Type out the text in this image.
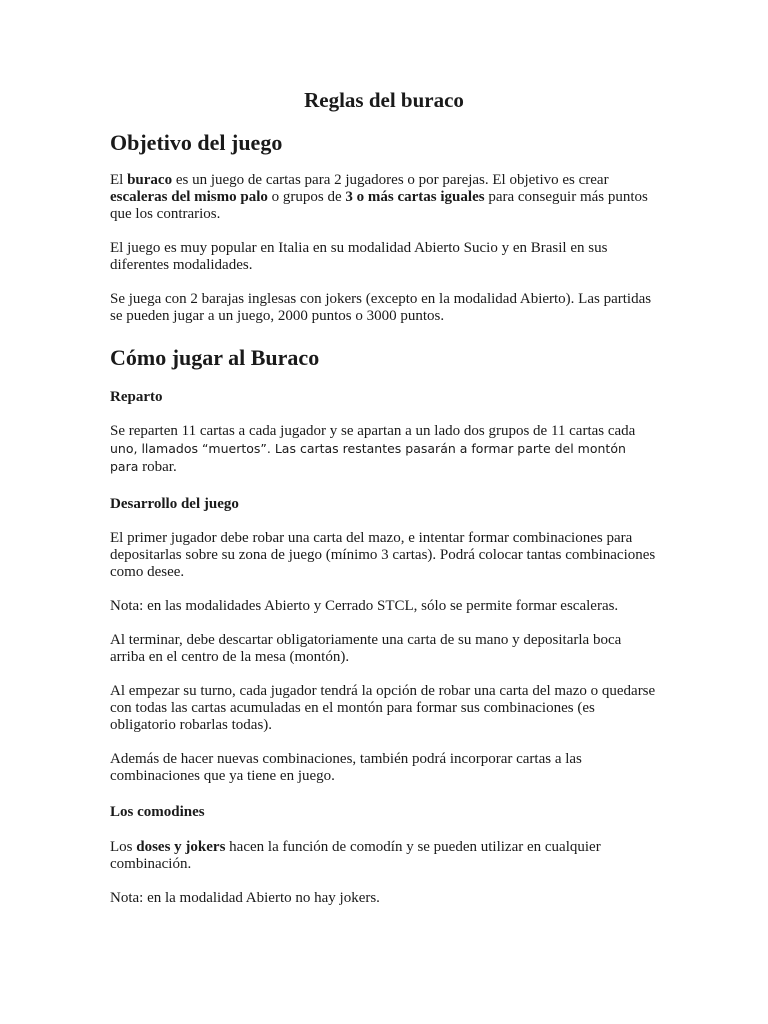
Reglas del buraco
Objetivo del juego

El buraco es un juego de cartas para 2 jugadores o por parejas. El objetivo es crear escaleras del mismo palo o grupos de 3 o más cartas iguales para conseguir más puntos que los contrarios.

El juego es muy popular en Italia en su modalidad Abierto Sucio y en Brasil en sus diferentes modalidades.

Se juega con 2 barajas inglesas con jokers (excepto en la modalidad Abierto). Las partidas se pueden jugar a un juego, 2000 puntos o 3000 puntos.

Cómo jugar al Buraco
Reparto

Se reparten 11 cartas a cada jugador y se apartan a un lado dos grupos de 11 cartas cada uno, llamados “muertos”. Las cartas restantes pasarán a formar parte del montón para robar.

Desarrollo del juego

El primer jugador debe robar una carta del mazo, e intentar formar combinaciones para depositarlas sobre su zona de juego (mínimo 3 cartas). Podrá colocar tantas combinaciones como desee.

Nota: en las modalidades Abierto y Cerrado STCL, sólo se permite formar escaleras.

Al terminar, debe descartar obligatoriamente una carta de su mano y depositarla boca arriba en el centro de la mesa (montón).

Al empezar su turno, cada jugador tendrá la opción de robar una carta del mazo o quedarse con todas las cartas acumuladas en el montón para formar sus combinaciones (es obligatorio robarlas todas).

Además de hacer nuevas combinaciones, también podrá incorporar cartas a las combinaciones que ya tiene en juego.

Los comodines

Los doses y jokers hacen la función de comodín y se pueden utilizar en cualquier combinación.

Nota: en la modalidad Abierto no hay jokers.
